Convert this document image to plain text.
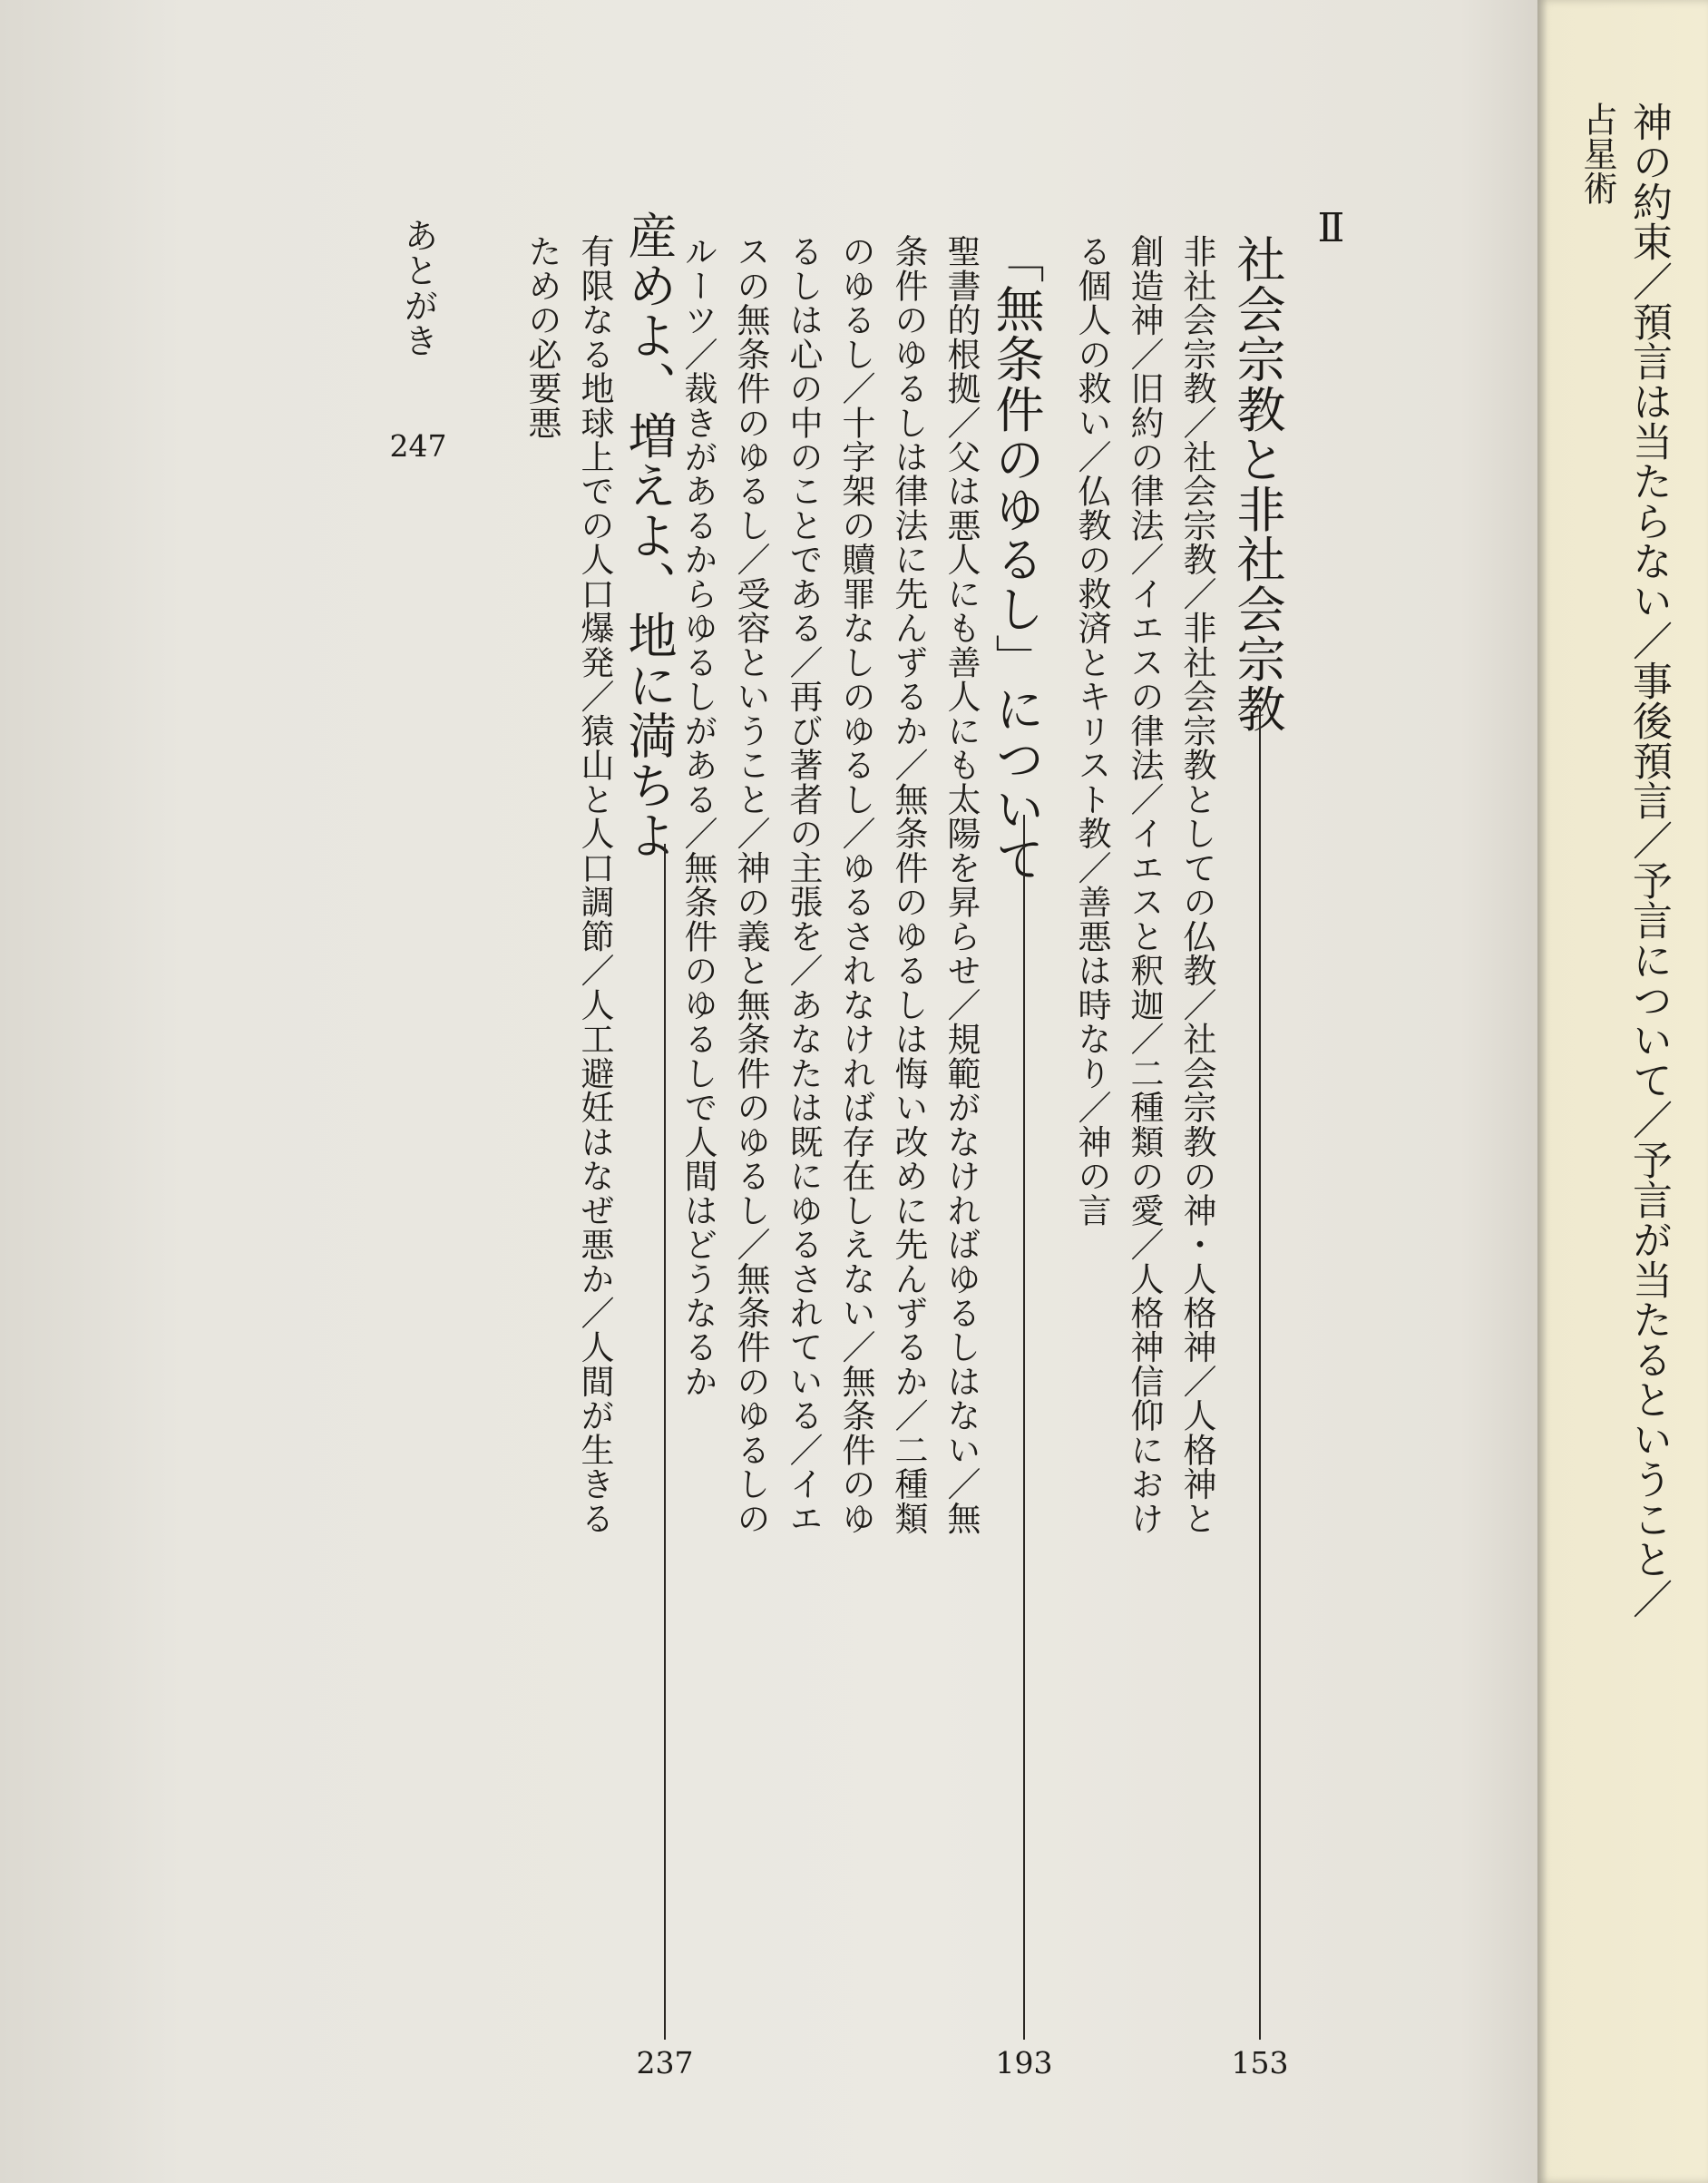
Ⅱ
社会宗教と非社会宗教
153
非社会宗教／社会宗教／非社会宗教としての仏教／社会宗教の神・人格神／人格神と
創造神／旧約の律法／イエスの律法／イエスと釈迦／二種類の愛／人格神信仰におけ
る個人の救い／仏教の救済とキリスト教／善悪は時なり／神の言
「無条件のゆるし」について
193
聖書的根拠／父は悪人にも善人にも太陽を昇らせ／規範がなければゆるしはない／無
条件のゆるしは律法に先んずるか／無条件のゆるしは悔い改めに先んずるか／二種類
のゆるし／十字架の贖罪なしのゆるし／ゆるされなければ存在しえない／無条件のゆ
るしは心の中のことである／再び著者の主張を／あなたは既にゆるされている／イエ
スの無条件のゆるし／受容ということ／神の義と無条件のゆるし／無条件のゆるしの
ルーツ／裁きがあるからゆるしがある／無条件のゆるしで人間はどうなるか
産めよ、増えよ、地に満ちよ
237
有限なる地球上での人口爆発／猿山と人口調節／人工避妊はなぜ悪か／人間が生きる
ための必要悪
あとがき
247	神の約束／預言は当たらない／事後預言／予言について／予言が当たるということ／
占星術
